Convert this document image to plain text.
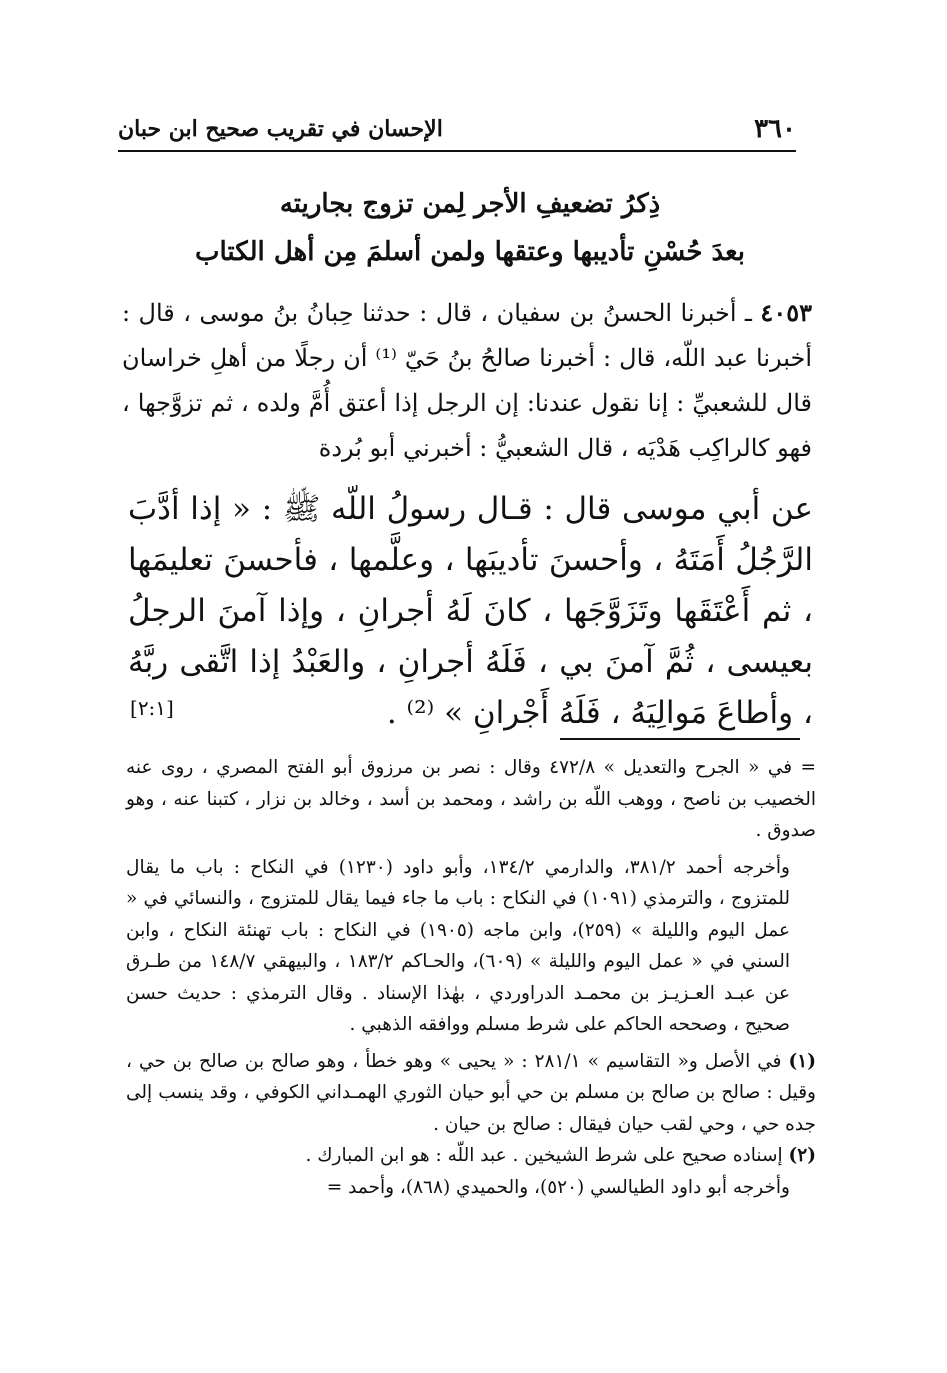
٣٦٠
الإحسان في تقريب صحيح ابن حبان
ذِكرُ تضعيفِ الأجر لِمن تزوج بجاريته
بعدَ حُسْنِ تأديبها وعتقها ولمن أسلمَ مِن أهل الكتاب
٤٠٥٣ ـ أخبرنا الحسنُ بن سفيان ، قال : حدثنا حِبانُ بنُ موسى ، قال : أخبرنا عبد اللّه، قال : أخبرنا صالحُ بنُ حَيّ ⁽¹⁾ أن رجلًا من أهلِ خراسان قال للشعبيِّ : إنا نقول عندنا: إن الرجل إذا أعتق أُمَّ ولده ، ثم تزوَّجها ، فهو كالراكِب هَدْيَه ، قال الشعبيُّ : أخبرني أبو بُردة
عن أبي موسى قال : قـال رسولُ اللّه ﷺ : « إذا أدَّبَ الرَّجُلُ أَمَتَهُ ، وأحسنَ تأديبَها ، وعلَّمها ، فأحسنَ تعليمَها ، ثم أَعْتَقَها وتَزَوَّجَها ، كانَ لَهُ أجرانِ ، وإذا آمنَ الرجلُ بعيسى ، ثُمَّ آمنَ بي ، فَلَهُ أجرانِ ، والعَبْدُ إذا اتَّقى ربَّهُ ، وأطاعَ مَوالِيَهُ ، فَلَهُ أَجْرانِ » ⁽²⁾ .
[٢:١]

= في « الجرح والتعديل » ٤٧٢/٨ وقال : نصر بن مرزوق أبو الفتح المصري ، روى عنه الخصيب بن ناصح ، ووهب اللّه بن راشد ، ومحمد بن أسد ، وخالد بن نزار ، كتبنا عنه ، وهو صدوق .

وأخرجه أحمد ٣٨١/٢، والدارمي ١٣٤/٢، وأبو داود (١٢٣٠) في النكاح : باب ما يقال للمتزوج ، والترمذي (١٠٩١) في النكاح : باب ما جاء فيما يقال للمتزوج ، والنسائي في « عمل اليوم والليلة » (٢٥٩)، وابن ماجه (١٩٠٥) في النكاح : باب تهنئة النكاح ، وابن السني في « عمل اليوم والليلة » (٦٠٩)، والحـاكم ١٨٣/٢ ، والبيهقي ١٤٨/٧ من طـرق عن عبـد العـزيـز بن محمـد الدراوردي ، بهٰذا الإسناد . وقال الترمذي : حديث حسن صحيح ، وصححه الحاكم على شرط مسلم ووافقه الذهبي .

(١) في الأصل و« التقاسيم » ٢٨١/١ : « يحيى » وهو خطأ ، وهو صالح بن صالح بن حي ، وقيل : صالح بن صالح بن مسلم بن حي أبو حيان الثوري الهمـداني الكوفي ، وقد ينسب إلى جده حي ، وحي لقب حيان فيقال : صالح بن حيان .

(٢) إسناده صحيح على شرط الشيخين . عبد اللّه : هو ابن المبارك .

وأخرجه أبو داود الطيالسي (٥٢٠)، والحميدي (٨٦٨)، وأحمد =
